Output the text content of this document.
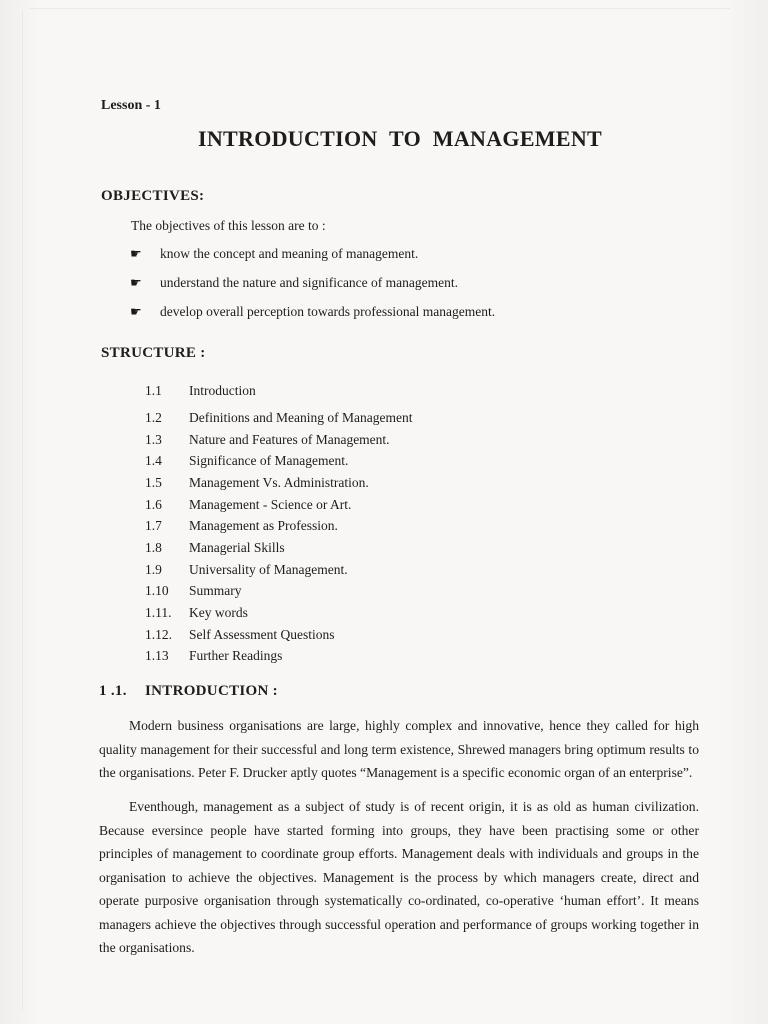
Lesson - 1
INTRODUCTION TO MANAGEMENT
OBJECTIVES:
The objectives of this lesson are to :
☛	know the concept and meaning of management.
☛	understand the nature and significance of management.
☛	develop overall perception towards professional management.
STRUCTURE :
1.1	Introduction
1.2	Definitions and Meaning of Management
1.3	Nature and Features of Management.
1.4	Significance of Management.
1.5	Management Vs. Administration.
1.6	Management - Science or Art.
1.7	Management as Profession.
1.8	Managerial Skills
1.9	Universality of Management.
1.10	Summary
1.11.	Key words
1.12.	Self Assessment Questions
1.13	Further Readings
1 .1. INTRODUCTION :
Modern business organisations are large, highly complex and innovative, hence they called for high quality management for their successful and long term existence, Shrewed managers bring optimum results to the organisations. Peter F. Drucker aptly quotes “Management is a specific economic organ of an enterprise”.
Eventhough, management as a subject of study is of recent origin, it is as old as human civilization. Because eversince people have started forming into groups, they have been practising some or other principles of management to coordinate group efforts. Management deals with individuals and groups in the organisation to achieve the objectives. Management is the process by which managers create, direct and operate purposive organisation through systematically co-ordinated, co-operative ‘human effort’. It means managers achieve the objectives through successful operation and performance of groups working together in the organisations.
